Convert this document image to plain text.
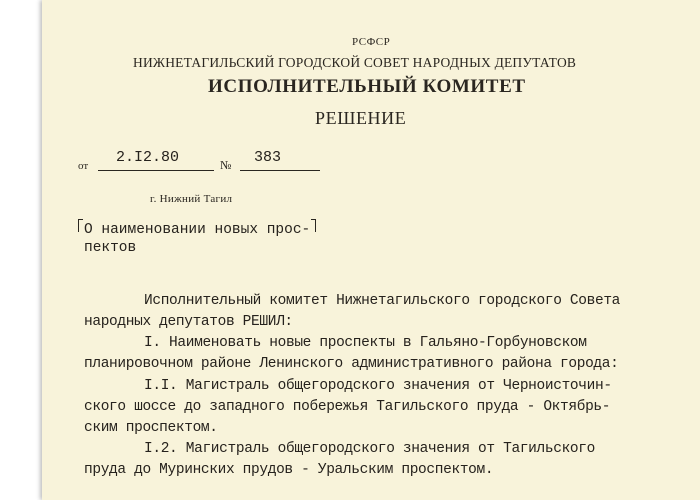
РСФСР
НИЖНЕТАГИЛЬСКИЙ ГОРОДСКОЙ СОВЕТ НАРОДНЫХ ДЕПУТАТОВ
ИСПОЛНИТЕЛЬНЫЙ КОМИТЕТ
РЕШЕНИЕ
от 2.I2.80	№ 383
г. Нижний Тагил
О наименовании новых прос-
пектов
Исполнительный комитет Нижнетагильского городского Совета
народных депутатов РЕШИЛ:
I. Наименовать новые проспекты в Гальяно-Горбуновском
планировочном районе Ленинского административного района города:
I.I. Магистраль общегородского значения от Черноисточин-
ского шоссе до западного побережья Тагильского пруда - Октябрь-
ским проспектом.
I.2. Магистраль общегородского значения от Тагильского
пруда до Муринских прудов - Уральским проспектом.
